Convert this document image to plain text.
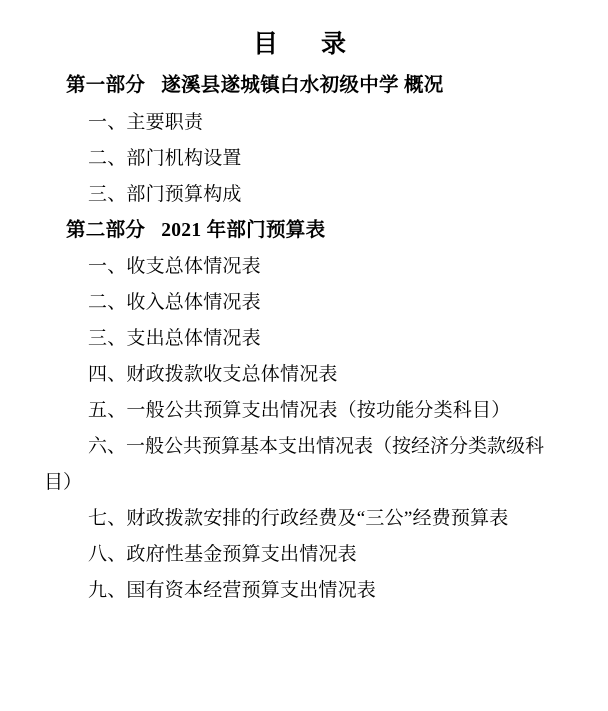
目　录
第一部分 遂溪县遂城镇白水初级中学 概况
一、主要职责
二、部门机构设置
三、部门预算构成
第二部分 2021 年部门预算表
一、收支总体情况表
二、收入总体情况表
三、支出总体情况表
四、财政拨款收支总体情况表
五、一般公共预算支出情况表（按功能分类科目）
六、一般公共预算基本支出情况表（按经济分类款级科
目）
七、财政拨款安排的行政经费及“三公”经费预算表
八、政府性基金预算支出情况表
九、国有资本经营预算支出情况表
